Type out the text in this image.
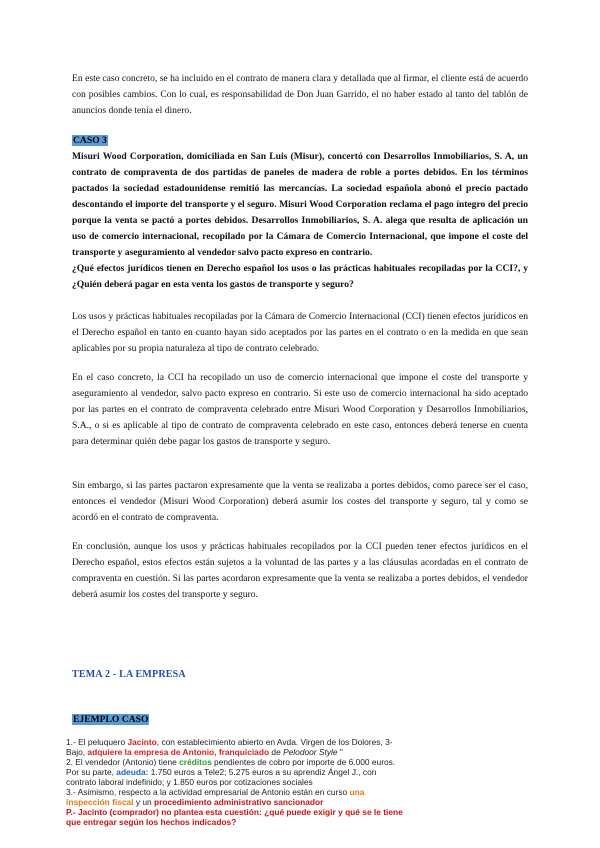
En este caso concreto, se ha incluido en el contrato de manera clara y detallada que al firmar, el cliente está de acuerdo con posibles cambios. Con lo cual, es responsabilidad de Don Juan Garrido, el no haber estado al tanto del tablón de anuncios donde tenía el dinero.

CASO 3
Misuri Wood Corporation, domiciliada en San Luis (Misur), concertó con Desarrollos Inmobiliarios, S. A, un contrato de compraventa de dos partidas de paneles de madera de roble a portes debidos. En los términos pactados la sociedad estadounidense remitió las mercancías. La sociedad española abonó el precio pactado descontando el importe del transporte y el seguro. Misuri Wood Corporation reclama el pago íntegro del precio porque la venta se pactó a portes debidos. Desarrollos Inmobiliarios, S. A. alega que resulta de aplicación un uso de comercio internacional, recopilado por la Cámara de Comercio Internacional, que impone el coste del transporte y aseguramiento al vendedor salvo pacto expreso en contrario.
¿Qué efectos jurídicos tienen en Derecho español los usos o las prácticas habituales recopiladas por la CCI?, y ¿Quién deberá pagar en esta venta los gastos de transporte y seguro?

Los usos y prácticas habituales recopiladas por la Cámara de Comercio Internacional (CCI) tienen efectos jurídicos en el Derecho español en tanto en cuanto hayan sido aceptados por las partes en el contrato o en la medida en que sean aplicables por su propia naturaleza al tipo de contrato celebrado.

En el caso concreto, la CCI ha recopilado un uso de comercio internacional que impone el coste del transporte y aseguramiento al vendedor, salvo pacto expreso en contrario. Si este uso de comercio internacional ha sido aceptado por las partes en el contrato de compraventa celebrado entre Misuri Wood Corporation y Desarrollos Inmobiliarios, S.A., o si es aplicable al tipo de contrato de compraventa celebrado en este caso, entonces deberá tenerse en cuenta para determinar quién debe pagar los gastos de transporte y seguro.

Sin embargo, si las partes pactaron expresamente que la venta se realizaba a portes debidos, como parece ser el caso, entonces el vendedor (Misuri Wood Corporation) deberá asumir los costes del transporte y seguro, tal y como se acordó en el contrato de compraventa.

En conclusión, aunque los usos y prácticas habituales recopilados por la CCI pueden tener efectos jurídicos en el Derecho español, estos efectos están sujetos a la voluntad de las partes y a las cláusulas acordadas en el contrato de compraventa en cuestión. Si las partes acordaron expresamente que la venta se realizaba a portes debidos, el vendedor deberá asumir los costes del transporte y seguro.

TEMA 2 - LA EMPRESA
EJEMPLO CASO

1.- El peluquero Jacinto, con establecimiento abierto en Avda. Virgen de los Dolores, 3-Bajo, adquiere la empresa de Antonio, franquiciado de Pelodoor Style "

2. El vendedor (Antonio) tiene créditos pendientes de cobro por importe de 6.000 euros. Por su parte, adeuda: 1.750 euros a Tele2; 5.275 euros a su aprendiz Ángel J., con contrato laboral indefinido; y 1.850 euros por cotizaciones sociales

3.- Asimismo, respecto a la actividad empresarial de Antonio están en curso una inspección fiscal y un procedimiento administrativo sancionador

P.- Jacinto (comprador) no plantea esta cuestión: ¿qué puede exigir y qué se le tiene que entregar según los hechos indicados?
